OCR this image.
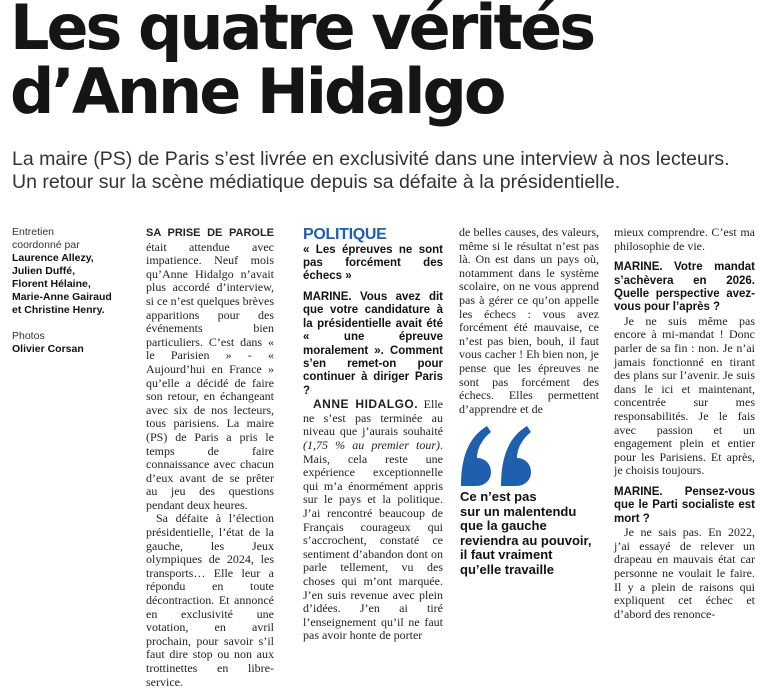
Les quatre vérités
d’Anne Hidalgo

La maire (PS) de Paris s’est livrée en exclusivité dans une interview à nos lecteurs.
Un retour sur la scène médiatique depuis sa défaite à la présidentielle.

Entretien
coordonné par
Laurence Allezy,
Julien Duffé,
Florent Hélaine,
Marie-Anne Gairaud
et Christine Henry.
Photos
Olivier Corsan

SA PRISE DE PAROLE était attendue avec impatience. Neuf mois qu’Anne Hidalgo n’avait plus accordé d’interview, si ce n’est quelques brèves apparitions pour des événements bien particuliers. C’est dans « le Parisien » - « Aujourd’hui en France » qu’elle a décidé de faire son retour, en échangeant avec six de nos lecteurs, tous parisiens. La maire (PS) de Paris a pris le temps de faire connaissance avec chacun d’eux avant de se prêter au jeu des questions pendant deux heures.

Sa défaite à l’élection présidentielle, l’état de la gauche, les Jeux olympiques de 2024, les transports… Elle leur a répondu en toute décontraction. Et annoncé en exclusivité une votation, en avril prochain, pour savoir s’il faut dire stop ou non aux trottinettes en libre-service.

POLITIQUE
« Les épreuves ne sont pas forcément des échecs »
MARINE. Vous avez dit que votre candidature à la présidentielle avait été « une épreuve moralement ». Comment s’en remet-on pour continuer à diriger Paris ?

ANNE HIDALGO. Elle ne s’est pas terminée au niveau que j’aurais souhaité (1,75 % au premier tour). Mais, cela reste une expérience exceptionnelle qui m’a énormément appris sur le pays et la politique. J’ai rencontré beaucoup de Français courageux qui s’accrochent, constaté ce sentiment d’abandon dont on parle tellement, vu des choses qui m’ont marquée. J’en suis revenue avec plein d’idées. J’en ai tiré l’enseignement qu’il ne faut pas avoir honte de porter

de belles causes, des valeurs, même si le résultat n’est pas là. On est dans un pays où, notamment dans le système scolaire, on ne vous apprend pas à gérer ce qu’on appelle les échecs : vous avez forcément été mauvaise, ce n’est pas bien, bouh, il faut vous cacher ! Eh bien non, je pense que les épreuves ne sont pas forcément des échecs. Elles permettent d’apprendre et de

Ce n’est pas
sur un malentendu
que la gauche
reviendra au pouvoir,
il faut vraiment
qu’elle travaille

mieux comprendre. C’est ma philosophie de vie.

MARINE. Votre mandat s’achèvera en 2026. Quelle perspective avez-vous pour l’après ?

Je ne suis même pas encore à mi-mandat ! Donc parler de sa fin : non. Je n’ai jamais fonctionné en tirant des plans sur l’avenir. Je suis dans le ici et maintenant, concentrée sur mes responsabilités. Je le fais avec passion et un engagement plein et entier pour les Parisiens. Et après, je choisis toujours.

MARINE. Pensez-vous que le Parti socialiste est mort ?

Je ne sais pas. En 2022, j’ai essayé de relever un drapeau en mauvais état car personne ne voulait le faire. Il y a plein de raisons qui expliquent cet échec et d’abord des renonce-
